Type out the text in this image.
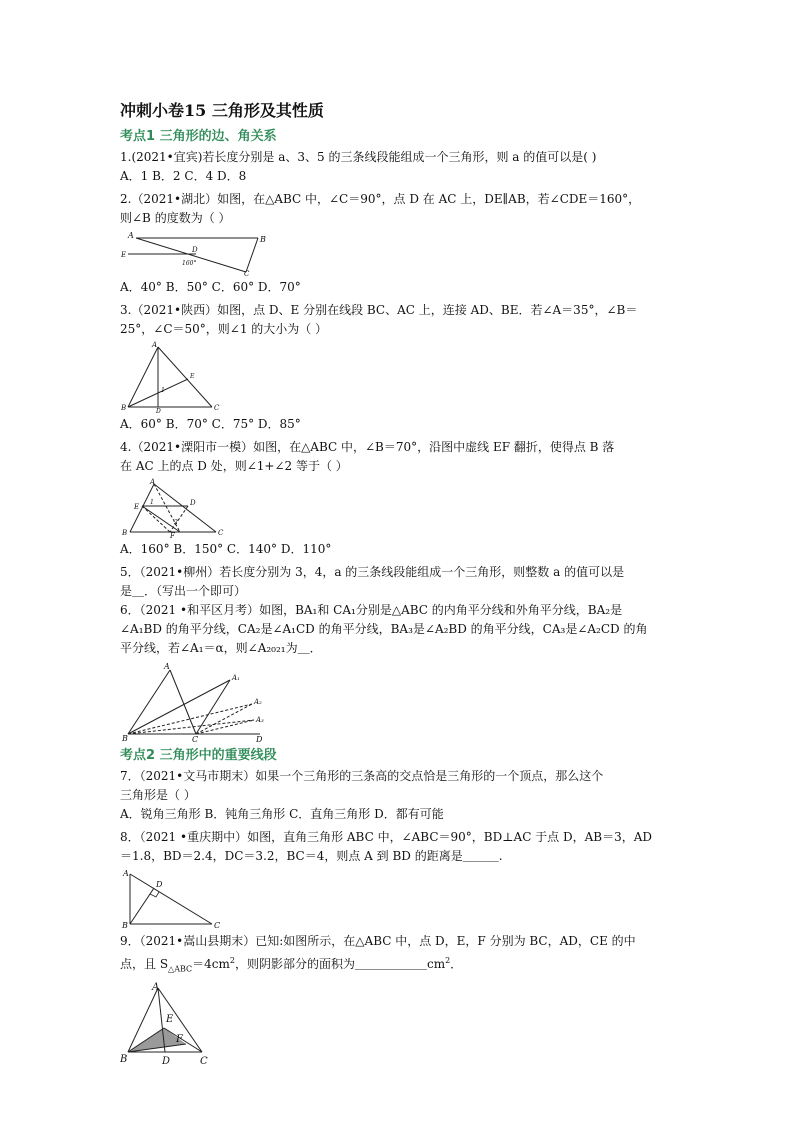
冲刺小卷15 三角形及其性质
考点1 三角形的边、角关系
1.(2021•宜宾)若长度分别是 a、3、5 的三条线段能组成一个三角形，则 a 的值可以是( )
A．1 B．2 C．4 D．8
2.（2021•湖北）如图，在△ABC 中，∠C＝90°，点 D 在 AC 上，DE∥AB，若∠CDE＝160°，
则∠B 的度数为（ ）
A	B
C
D
E
160°
A．40° B．50° C．60° D．70°
3.（2021•陕西）如图，点 D、E 分别在线段 BC、AC 上，连接 AD、BE．若∠A＝35°，∠B＝
25°，∠C＝50°，则∠1 的大小为（ ）
A
B	C
D
E
1
A．60° B．70° C．75° D．85°
4.（2021•溧阳市一模）如图，在△ABC 中，∠B＝70°，沿图中虚线 EF 翻折，使得点 B 落
在 AC 上的点 D 处，则∠1+∠2 等于（ ）
A
B	C
D
E
F
1
2
A．160° B．150° C．140° D．110°
5．（2021•柳州）若长度分别为 3，4，a 的三条线段能组成一个三角形，则整数 a 的值可以是
是＿．（写出一个即可）
6．（2021 •和平区月考）如图，BA₁和 CA₁分别是△ABC 的内角平分线和外角平分线，BA₂是
∠A₁BD 的角平分线，CA₂是∠A₁CD 的角平分线，BA₃是∠A₂BD 的角平分线，CA₃是∠A₂CD 的角
平分线，若∠A₁＝α，则∠A₂₀₂₁为＿．
A
A₁
A₂
A₃
B	C	D
考点2 三角形中的重要线段
7．（2021•文马市期末）如果一个三角形的三条高的交点恰是三角形的一个顶点，那么这个
三角形是（ ）
A．锐角三角形 B．钝角三角形 C．直角三角形 D．都有可能
8．（2021 •重庆期中）如图，直角三角形 ABC 中，∠ABC＝90°，BD⊥AC 于点 D，AB＝3，AD
＝1.8，BD＝2.4，DC＝3.2，BC＝4，则点 A 到 BD 的距离是＿＿＿.
A
B	C
D
9．（2021•嵩山县期末）已知:如图所示，在△ABC 中，点 D，E，F 分别为 BC，AD，CE 的中
点，且 $S_{\triangle ABC}=4cm^2$，则阴影部分的面积为$\_\_\_\_\_\_cm^2$．
A
B	C
D
E
F
